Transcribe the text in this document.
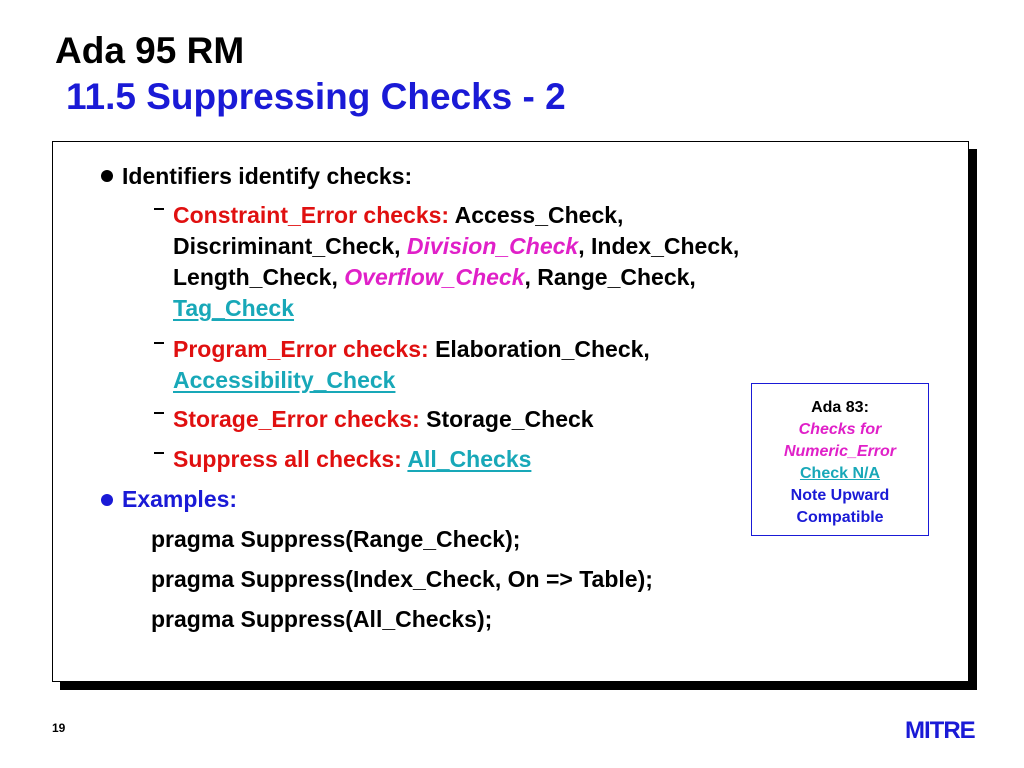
Ada 95 RM
11.5 Suppressing Checks - 2
Identifiers identify checks:
Constraint_Error checks: Access_Check,
Discriminant_Check, Division_Check, Index_Check,
Length_Check, Overflow_Check, Range_Check,
Tag_Check
Program_Error checks: Elaboration_Check,
Accessibility_Check
Storage_Error checks: Storage_Check
Suppress all checks: All_Checks
Examples:
pragma Suppress(Range_Check);
pragma Suppress(Index_Check, On => Table);
pragma Suppress(All_Checks);
Ada 83:
Checks for
Numeric_Error
Check N/A
Note Upward
Compatible
19	MITRE
